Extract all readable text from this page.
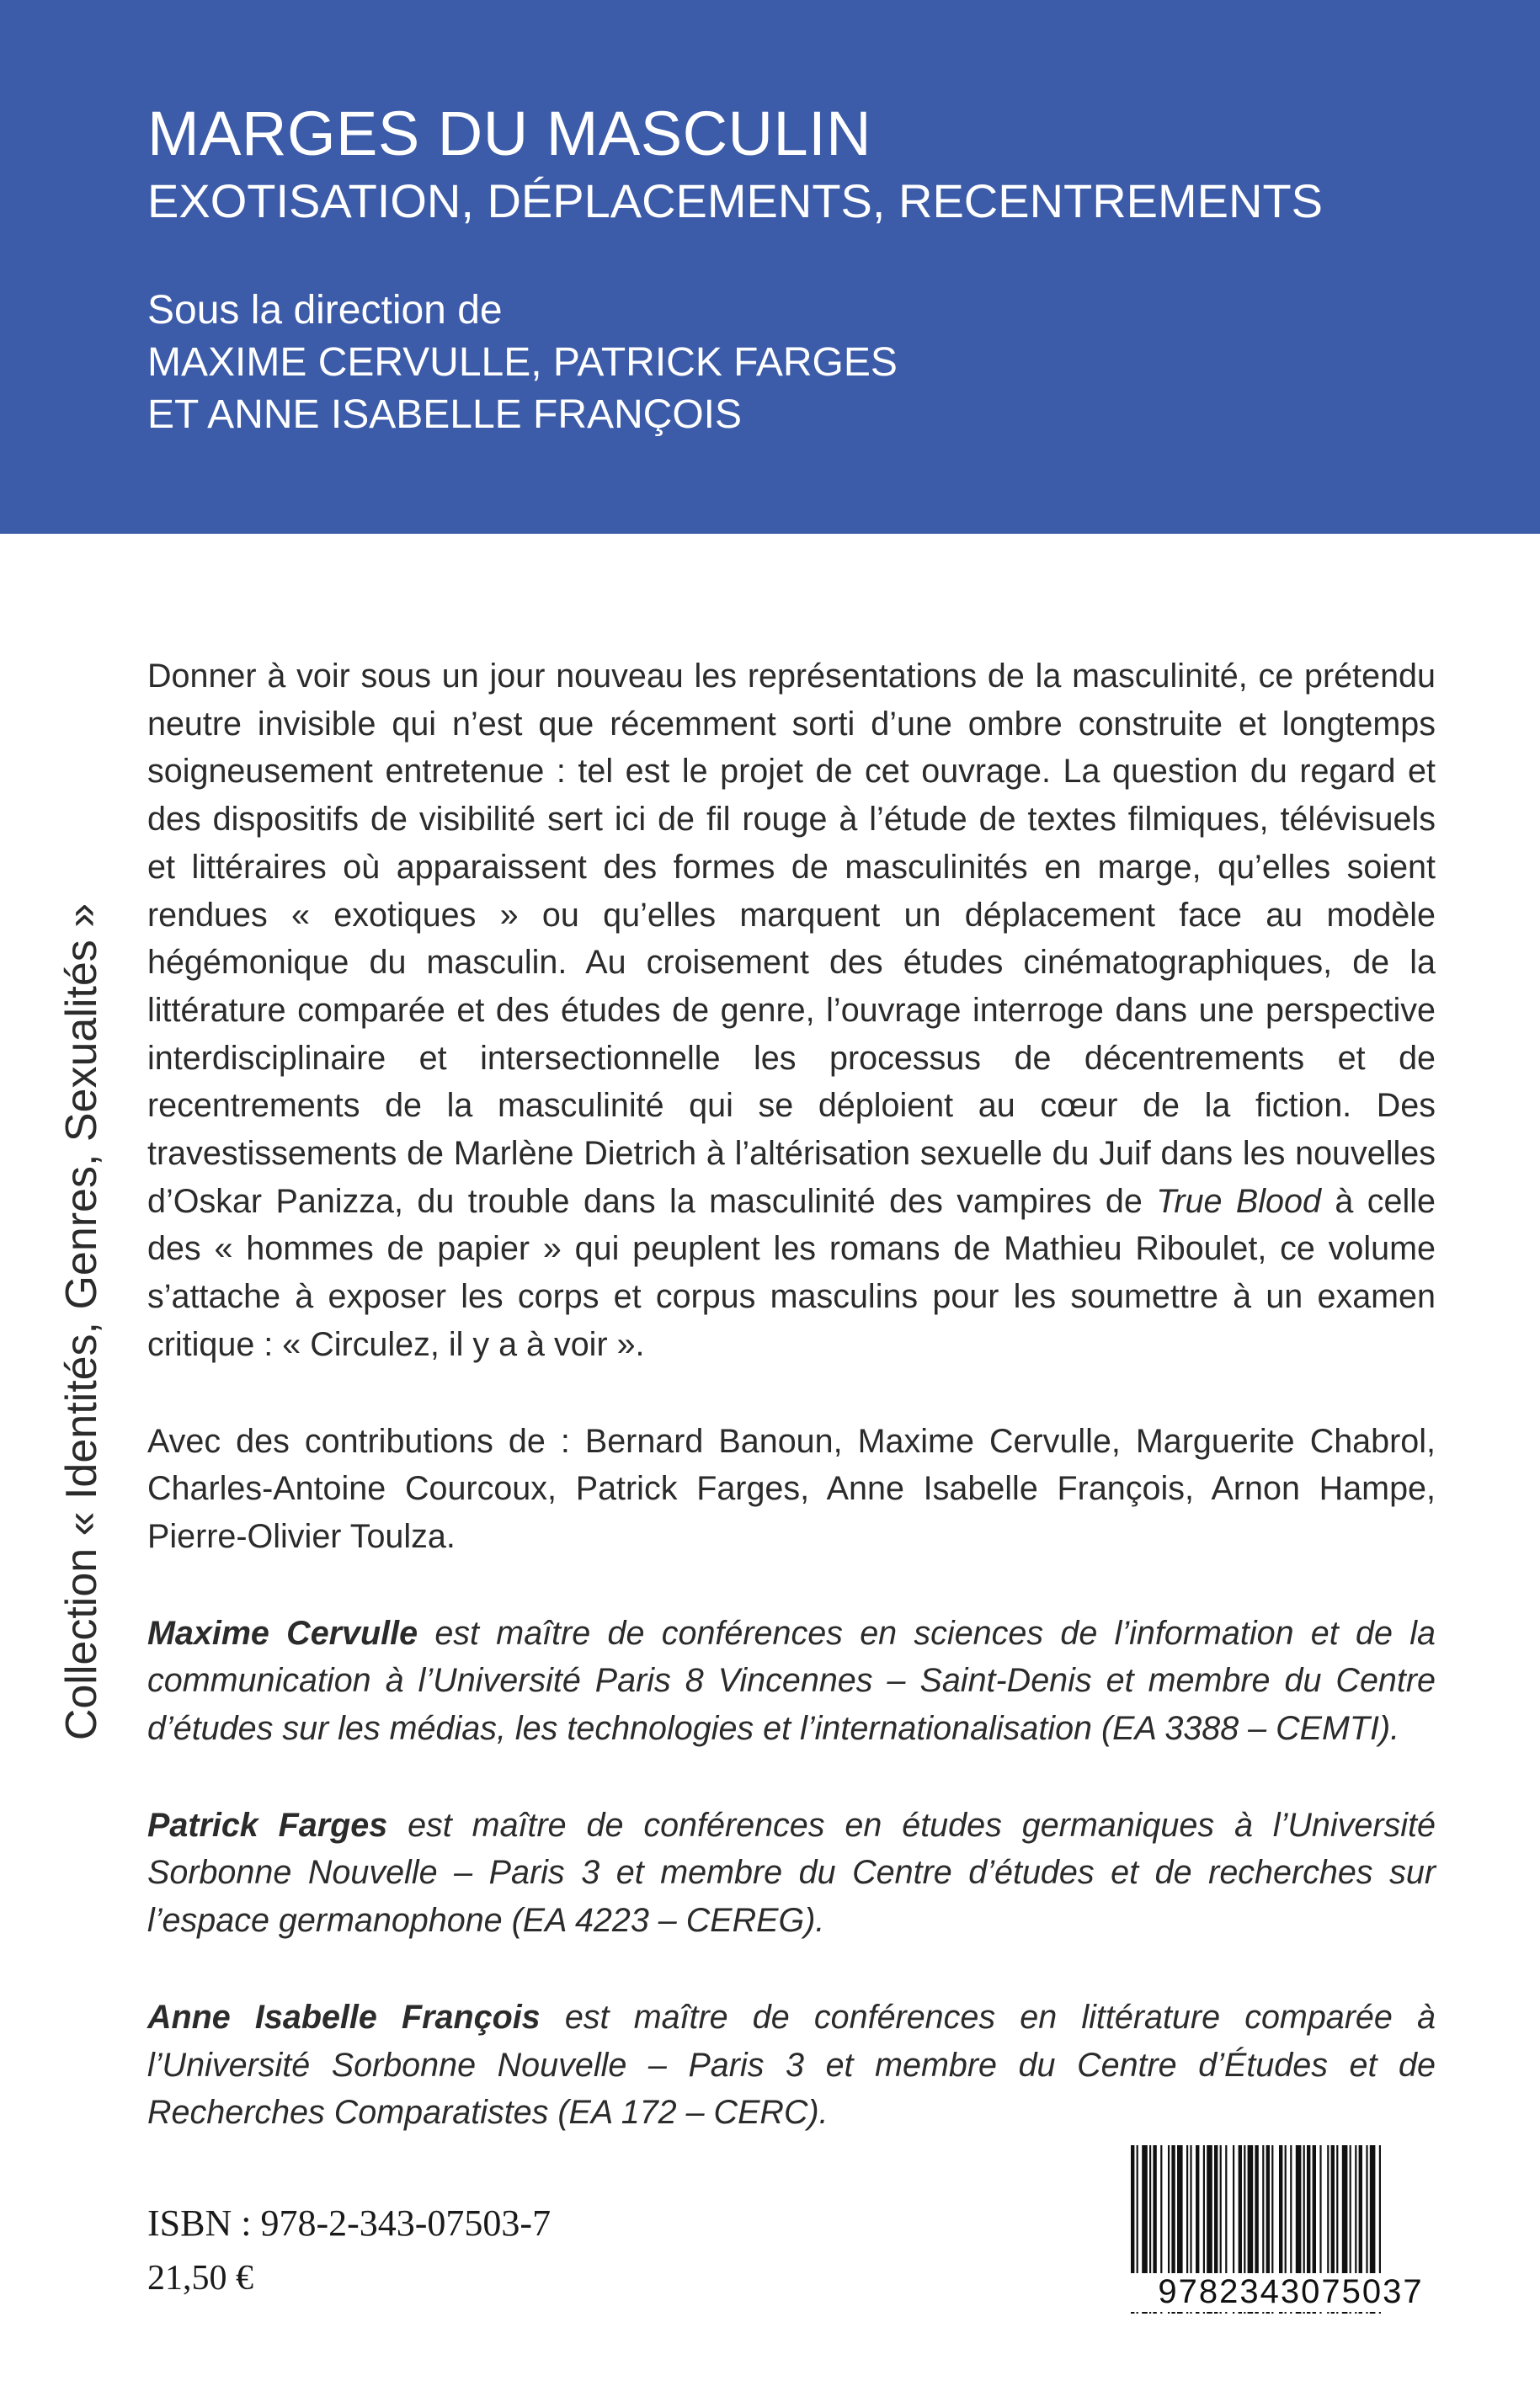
MARGES DU MASCULIN
EXOTISATION, DÉPLACEMENTS, RECENTREMENTS
Sous la direction de
MAXIME CERVULLE, PATRICK FARGES
ET ANNE ISABELLE FRANÇOIS
Collection « Identités, Genres, Sexualités »

Donner à voir sous un jour nouveau les représentations de la masculinité, ce prétendu neutre invisible qui n’est que récemment sorti d’une ombre construite et longtemps soigneusement entretenue : tel est le projet de cet ouvrage. La question du regard et des dispositifs de visibilité sert ici de fil rouge à l’étude de textes filmiques, télévisuels et littéraires où apparaissent des formes de masculinités en marge, qu’elles soient rendues « exotiques » ou qu’elles marquent un déplacement face au modèle hégémonique du masculin. Au croisement des études cinématographiques, de la littérature comparée et des études de genre, l’ouvrage interroge dans une perspective interdisciplinaire et intersectionnelle les processus de décentrements et de recentrements de la masculinité qui se déploient au cœur de la fiction. Des travestissements de Marlène Dietrich à l’altérisation sexuelle du Juif dans les nouvelles d’Oskar Panizza, du trouble dans la masculinité des vampires de True Blood à celle des « hommes de papier » qui peuplent les romans de Mathieu Riboulet, ce volume s’attache à exposer les corps et corpus masculins pour les soumettre à un examen critique : « Circulez, il y a à voir ».

Avec des contributions de : Bernard Banoun, Maxime Cervulle, Marguerite Chabrol, Charles-Antoine Courcoux, Patrick Farges, Anne Isabelle François, Arnon Hampe, Pierre-Olivier Toulza.

Maxime Cervulle est maître de conférences en sciences de l’information et de la communication à l’Université Paris 8 Vincennes – Saint-Denis et membre du Centre d’études sur les médias, les technologies et l’internationalisation (EA 3388 – CEMTI).

Patrick Farges est maître de conférences en études germaniques à l’Université Sorbonne Nouvelle – Paris 3 et membre du Centre d’études et de recherches sur l’espace germanophone (EA 4223 – CEREG).

Anne Isabelle François est maître de conférences en littérature comparée à l’Université Sorbonne Nouvelle – Paris 3 et membre du Centre d’Études et de Recherches Comparatistes (EA 172 – CERC).

ISBN : 978-2-343-07503-7
21,50 €	9782343075037
